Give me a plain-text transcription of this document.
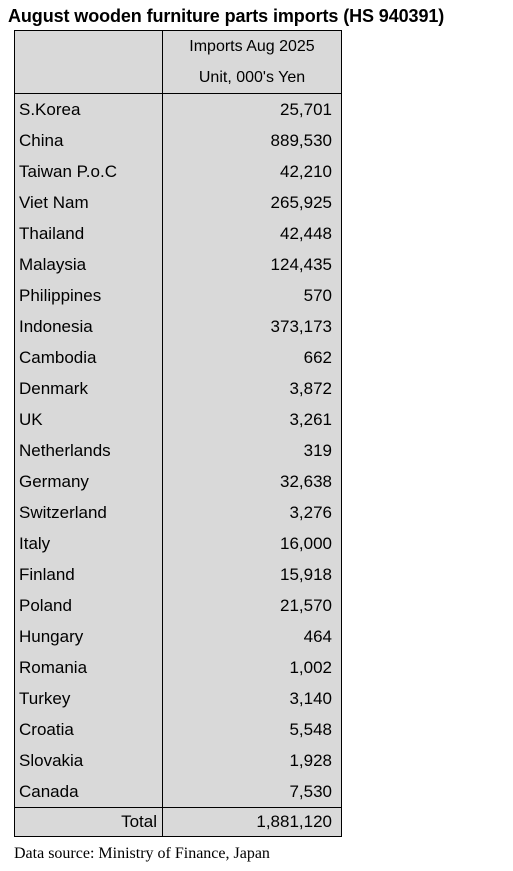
August wooden furniture parts imports (HS 940391)
	Imports Aug 2025
	Unit, 000's Yen
S.Korea	25,701
China	889,530
Taiwan P.o.C	42,210
Viet Nam	265,925
Thailand	42,448
Malaysia	124,435
Philippines	570
Indonesia	373,173
Cambodia	662
Denmark	3,872
UK	3,261
Netherlands	319
Germany	32,638
Switzerland	3,276
Italy	16,000
Finland	15,918
Poland	21,570
Hungary	464
Romania	1,002
Turkey	3,140
Croatia	5,548
Slovakia	1,928
Canada	7,530
Total	1,881,120
Data source: Ministry of Finance, Japan
